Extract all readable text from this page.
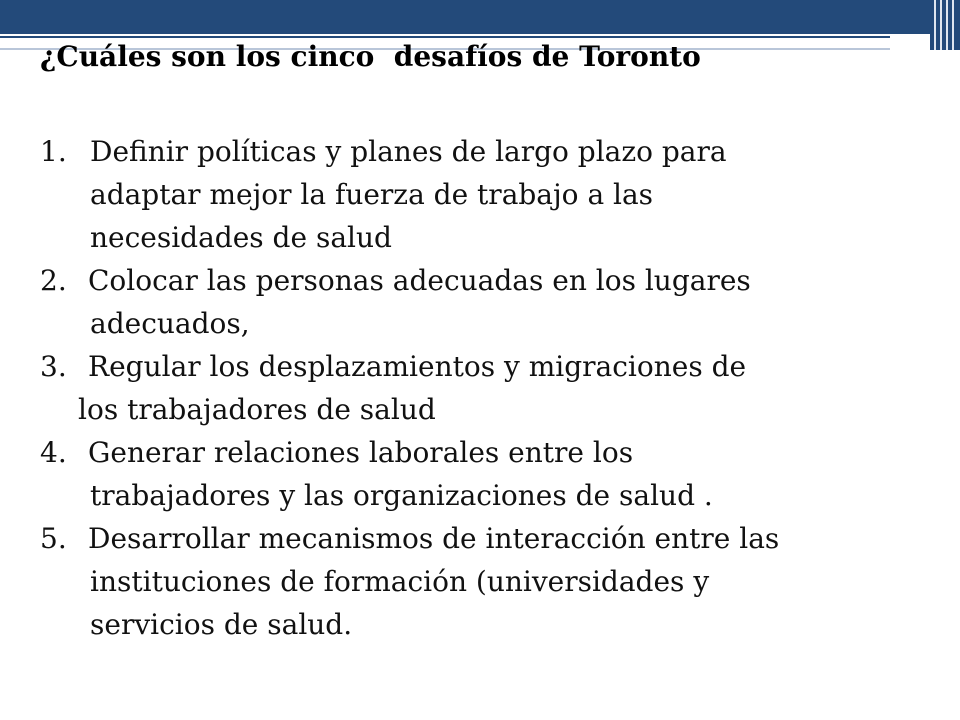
¿Cuáles son los cinco  desafíos de Toronto
1. Definir políticas y planes de largo plazo para
adaptar mejor la fuerza de trabajo a las
necesidades de salud
2. Colocar las personas adecuadas en los lugares
adecuados,
3. Regular los desplazamientos y migraciones de
los trabajadores de salud
4. Generar relaciones laborales entre los
trabajadores y las organizaciones de salud .
5. Desarrollar mecanismos de interacción entre las
instituciones de formación (universidades y
servicios de salud.
